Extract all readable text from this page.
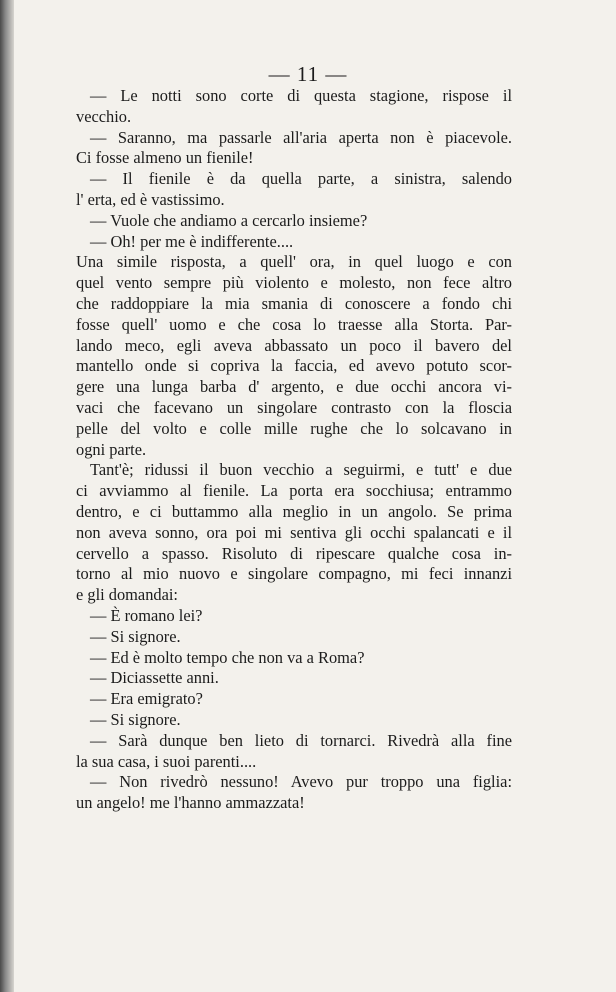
— 11 —
— Le notti sono corte di questa stagione, rispose il
vecchio.
— Saranno, ma passarle all'aria aperta non è piacevole.
Ci fosse almeno un fienile!
— Il fienile è da quella parte, a sinistra, salendo
l' erta, ed è vastissimo.
— Vuole che andiamo a cercarlo insieme?
— Oh! per me è indifferente....
Una simile risposta, a quell' ora, in quel luogo e con
quel vento sempre più violento e molesto, non fece altro
che raddoppiare la mia smania di conoscere a fondo chi
fosse quell' uomo e che cosa lo traesse alla Storta. Par-
lando meco, egli aveva abbassato un poco il bavero del
mantello onde si copriva la faccia, ed avevo potuto scor-
gere una lunga barba d' argento, e due occhi ancora vi-
vaci che facevano un singolare contrasto con la floscia
pelle del volto e colle mille rughe che lo solcavano in
ogni parte.
Tant'è; ridussi il buon vecchio a seguirmi, e tutt' e due
ci avviammo al fienile. La porta era socchiusa; entrammo
dentro, e ci buttammo alla meglio in un angolo. Se prima
non aveva sonno, ora poi mi sentiva gli occhi spalancati e il
cervello a spasso. Risoluto di ripescare qualche cosa in-
torno al mio nuovo e singolare compagno, mi feci innanzi
e gli domandai:
— È romano lei?
— Si signore.
— Ed è molto tempo che non va a Roma?
— Diciassette anni.
— Era emigrato?
— Si signore.
— Sarà dunque ben lieto di tornarci. Rivedrà alla fine
la sua casa, i suoi parenti....
— Non rivedrò nessuno! Avevo pur troppo una figlia:
un angelo! me l'hanno ammazzata!
